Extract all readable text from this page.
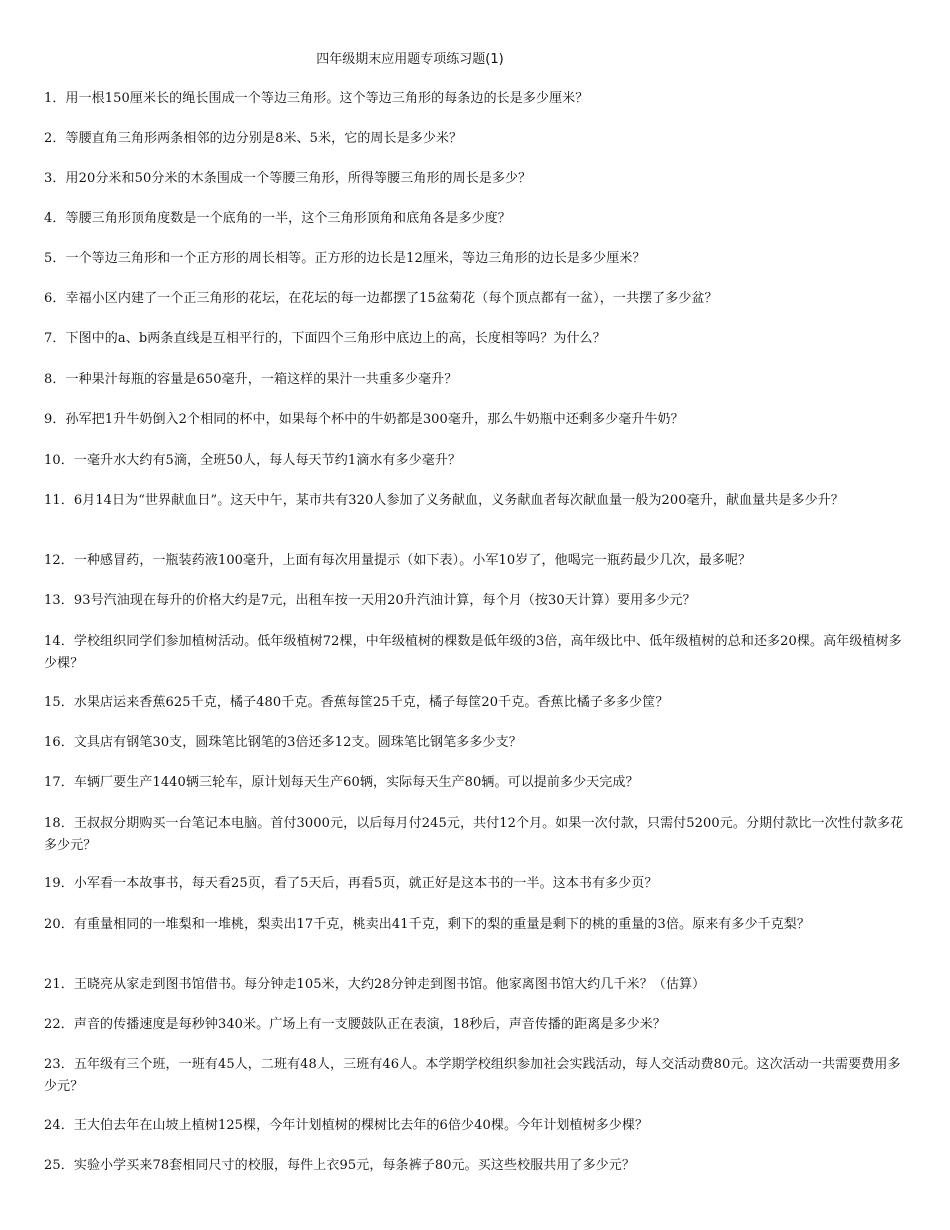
四年级期末应用题专项练习题(1)

1．用一根150厘米长的绳长围成一个等边三角形。这个等边三角形的每条边的长是多少厘米？

2．等腰直角三角形两条相邻的边分别是8米、5米，它的周长是多少米？

3．用20分米和50分米的木条围成一个等腰三角形，所得等腰三角形的周长是多少？

4．等腰三角形顶角度数是一个底角的一半，这个三角形顶角和底角各是多少度？

5．一个等边三角形和一个正方形的周长相等。正方形的边长是12厘米，等边三角形的边长是多少厘米？

6．幸福小区内建了一个正三角形的花坛，在花坛的每一边都摆了15盆菊花（每个顶点都有一盆），一共摆了多少盆？

7．下图中的a、b两条直线是互相平行的，下面四个三角形中底边上的高，长度相等吗？为什么？

8．一种果汁每瓶的容量是650毫升，一箱这样的果汁一共重多少毫升？

9．孙军把1升牛奶倒入2个相同的杯中，如果每个杯中的牛奶都是300毫升，那么牛奶瓶中还剩多少毫升牛奶？

10．一毫升水大约有5滴，全班50人，每人每天节约1滴水有多少毫升？

11．6月14日为“世界献血日”。这天中午，某市共有320人参加了义务献血，义务献血者每次献血量一般为200毫升，献血量共是多少升？

12．一种感冒药，一瓶装药液100毫升，上面有每次用量提示（如下表）。小军10岁了，他喝完一瓶药最少几次，最多呢？

13．93号汽油现在每升的价格大约是7元，出租车按一天用20升汽油计算，每个月（按30天计算）要用多少元？

14．学校组织同学们参加植树活动。低年级植树72棵，中年级植树的棵数是低年级的3倍，高年级比中、低年级植树的总和还多20棵。高年级植树多少棵？

15．水果店运来香蕉625千克，橘子480千克。香蕉每筐25千克，橘子每筐20千克。香蕉比橘子多多少筐？

16．文具店有钢笔30支，圆珠笔比钢笔的3倍还多12支。圆珠笔比钢笔多多少支？

17．车辆厂要生产1440辆三轮车，原计划每天生产60辆，实际每天生产80辆。可以提前多少天完成？

18．王叔叔分期购买一台笔记本电脑。首付3000元，以后每月付245元，共付12个月。如果一次付款，只需付5200元。分期付款比一次性付款多花多少元？

19．小军看一本故事书，每天看25页，看了5天后，再看5页，就正好是这本书的一半。这本书有多少页？

20．有重量相同的一堆梨和一堆桃，梨卖出17千克，桃卖出41千克，剩下的梨的重量是剩下的桃的重量的3倍。原来有多少千克梨？

21．王晓亮从家走到图书馆借书。每分钟走105米，大约28分钟走到图书馆。他家离图书馆大约几千米？（估算）

22．声音的传播速度是每秒钟340米。广场上有一支腰鼓队正在表演，18秒后，声音传播的距离是多少米？

23．五年级有三个班，一班有45人，二班有48人，三班有46人。本学期学校组织参加社会实践活动，每人交活动费80元。这次活动一共需要费用多少元？

24．王大伯去年在山坡上植树125棵，今年计划植树的棵树比去年的6倍少40棵。今年计划植树多少棵？

25．实验小学买来78套相同尺寸的校服，每件上衣95元，每条裤子80元。买这些校服共用了多少元？
